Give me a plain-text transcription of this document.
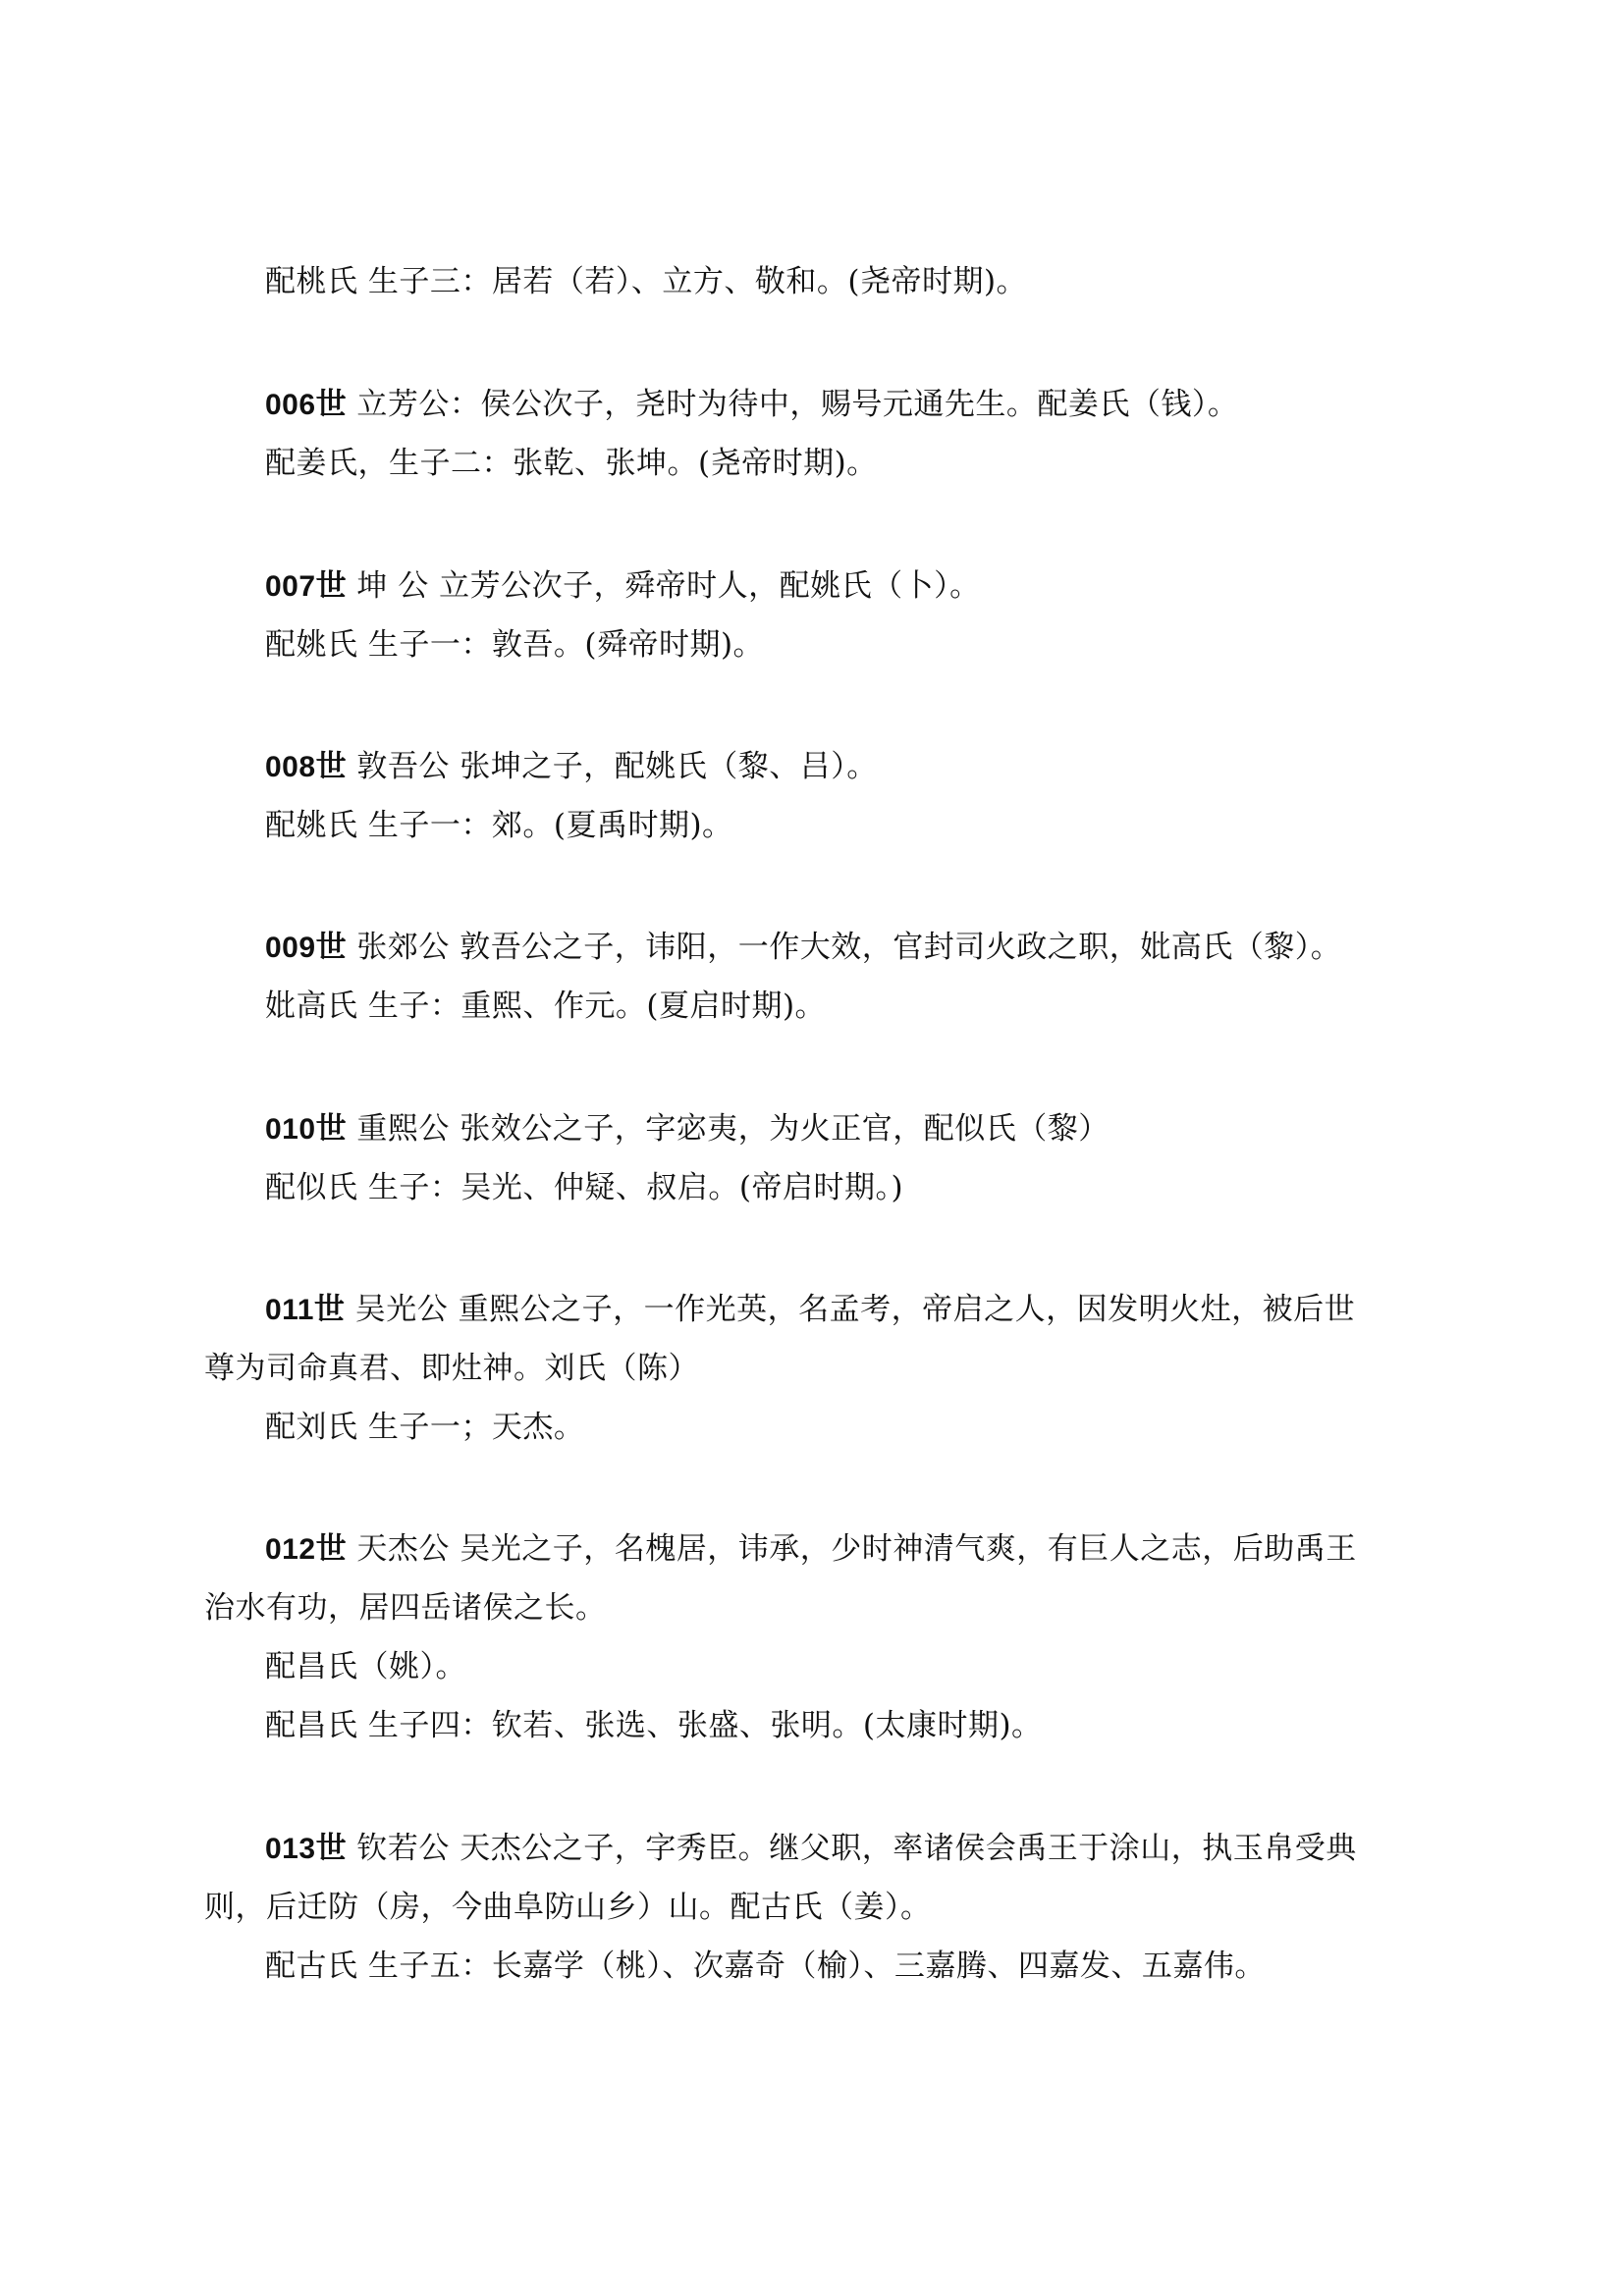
配桃氏 生子三：居若（若）、立方、敬和。(尧帝时期)。
006世 立芳公：侯公次子，尧时为待中，赐号元通先生。配姜氏（钱）。
配姜氏，生子二：张乾、张坤。(尧帝时期)。
007世 坤 公 立芳公次子，舜帝时人，配姚氏（卜）。
配姚氏 生子一：敦吾。(舜帝时期)。
008世 敦吾公 张坤之子，配姚氏（黎、吕）。
配姚氏 生子一：郊。(夏禹时期)。
009世 张郊公 敦吾公之子，讳阳，一作大效，官封司火政之职，妣高氏（黎）。
妣高氏 生子：重熙、作元。(夏启时期)。
010世 重熙公 张效公之子，字宓夷，为火正官，配似氏（黎）
配似氏 生子：吴光、仲疑、叔启。(帝启时期。)
011世 吴光公 重熙公之子，一作光英，名孟考，帝启之人，因发明火灶，被后世
尊为司命真君、即灶神。刘氏（陈）
配刘氏 生子一；天杰。
012世 天杰公 吴光之子，名槐居，讳承，少时神清气爽，有巨人之志，后助禹王
治水有功，居四岳诸侯之长。
配昌氏（姚）。
配昌氏 生子四：钦若、张选、张盛、张明。(太康时期)。
013世 钦若公 天杰公之子，字秀臣。继父职，率诸侯会禹王于涂山，执玉帛受典
则，后迁防（房，今曲阜防山乡）山。配古氏（姜）。
配古氏 生子五：长嘉学（桃）、次嘉奇（榆）、三嘉腾、四嘉发、五嘉伟。
